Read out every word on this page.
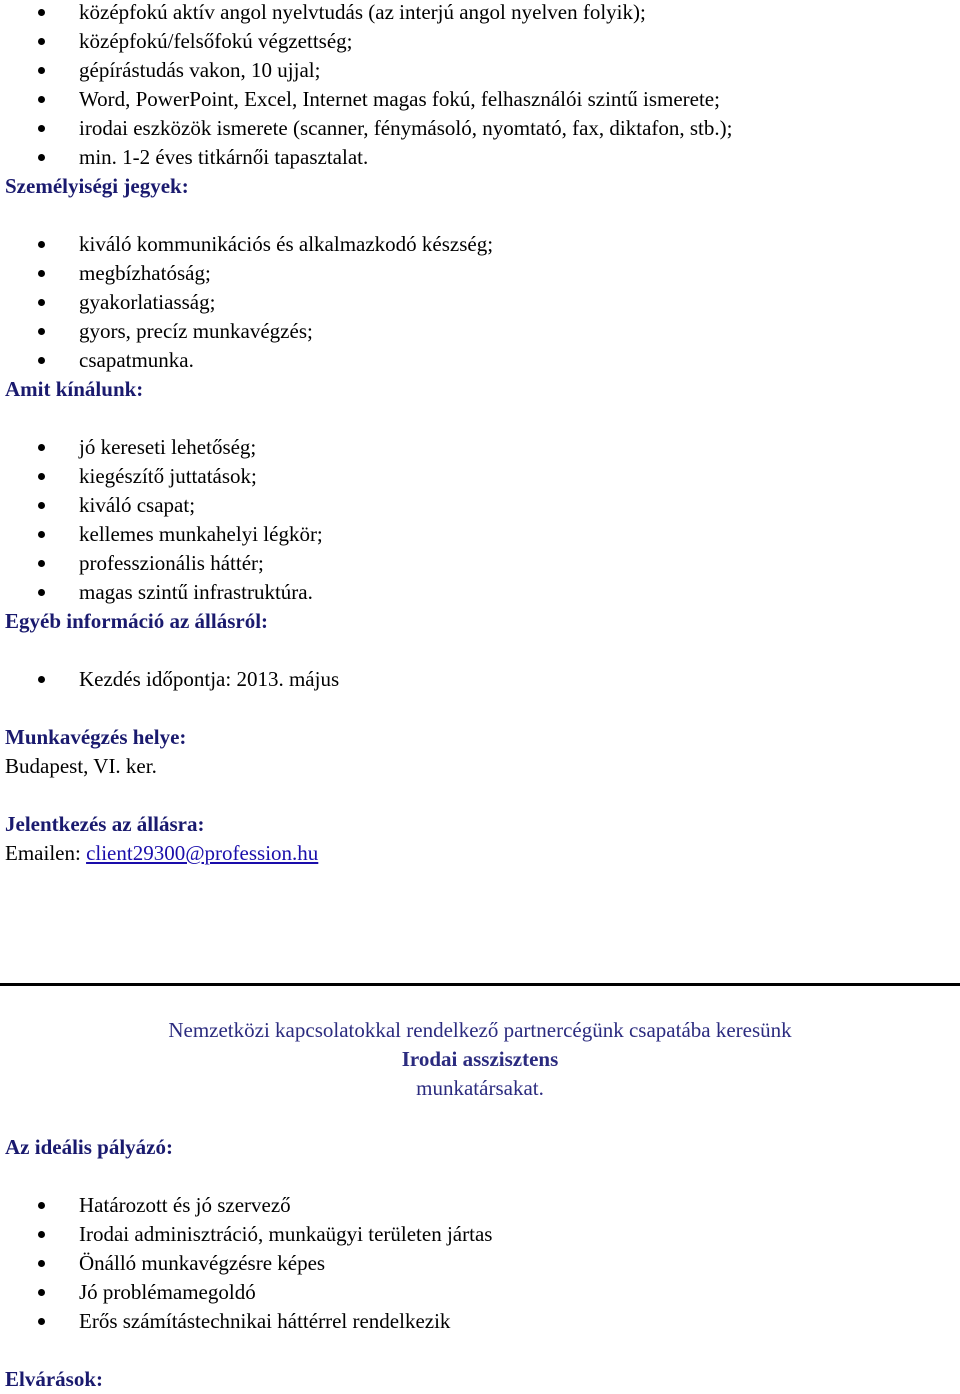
középfokú aktív angol nyelvtudás (az interjú angol nyelven folyik);
középfokú/felsőfokú végzettség;
gépírástudás vakon, 10 ujjal;
Word, PowerPoint, Excel, Internet magas fokú, felhasználói szintű ismerete;
irodai eszközök ismerete (scanner, fénymásoló, nyomtató, fax, diktafon, stb.);
min. 1-2 éves titkárnői tapasztalat.
Személyiségi jegyek:
kiváló kommunikációs és alkalmazkodó készség;
megbízhatóság;
gyakorlatiasság;
gyors, precíz munkavégzés;
csapatmunka.
Amit kínálunk:
jó kereseti lehetőség;
kiegészítő juttatások;
kiváló csapat;
kellemes munkahelyi légkör;
professzionális háttér;
magas szintű infrastruktúra.
Egyéb információ az állásról:
Kezdés időpontja: 2013. május
Munkavégzés helye:
Budapest, VI. ker.
Jelentkezés az állásra:
Emailen: client29300@profession.hu
Nemzetközi kapcsolatokkal rendelkező partnercégünk csapatába keresünk
Irodai asszisztens
munkatársakat.
Az ideális pályázó:
Határozott és jó szervező
Irodai adminisztráció, munkaügyi területen jártas
Önálló munkavégzésre képes
Jó problémamegoldó
Erős számítástechnikai háttérrel rendelkezik
Elvárások:
